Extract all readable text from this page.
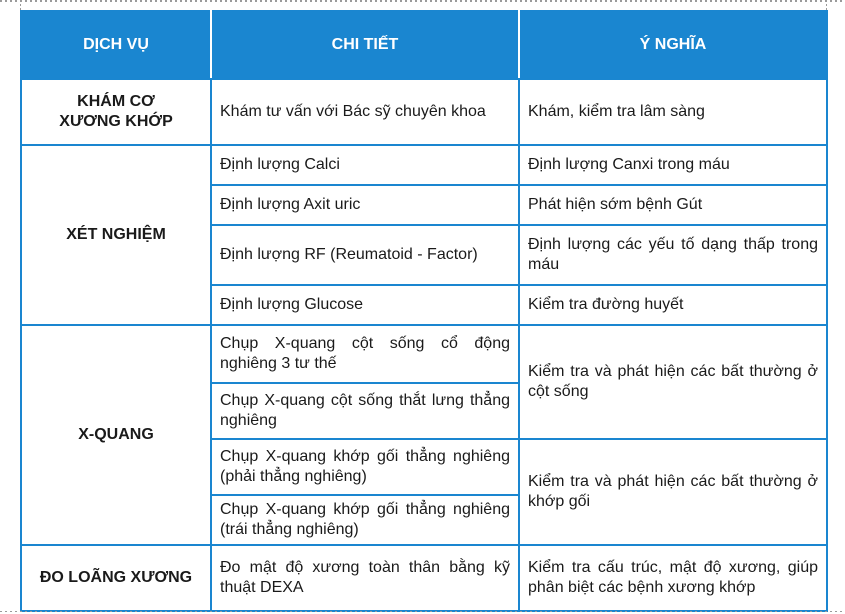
DỊCH VỤ	CHI TIẾT	Ý NGHĨA
KHÁM CƠ XƯƠNG KHỚP	Khám tư vấn với Bác sỹ chuyên khoa	Khám, kiểm tra lâm sàng
XÉT NGHIỆM	Định lượng Calci	Định lượng Canxi trong máu
	Định lượng Axit uric	Phát hiện sớm bệnh Gút
	Định lượng RF (Reumatoid - Factor)	Định lượng các yếu tố dạng thấp trong máu
	Định lượng Glucose	Kiểm tra đường huyết
X-QUANG	Chụp X-quang cột sống cổ động nghiêng 3 tư thế	Kiểm tra và phát hiện các bất thường ở cột sống
	Chụp X-quang cột sống thắt lưng thẳng nghiêng	
	Chụp X-quang khớp gối thẳng nghiêng (phải thẳng nghiêng)	Kiểm tra và phát hiện các bất thường ở khớp gối
	Chụp X-quang khớp gối thẳng nghiêng (trái thẳng nghiêng)	
ĐO LOÃNG XƯƠNG	Đo mật độ xương toàn thân bằng kỹ thuật DEXA	Kiểm tra cấu trúc, mật độ xương, giúp phân biệt các bệnh xương khớp
